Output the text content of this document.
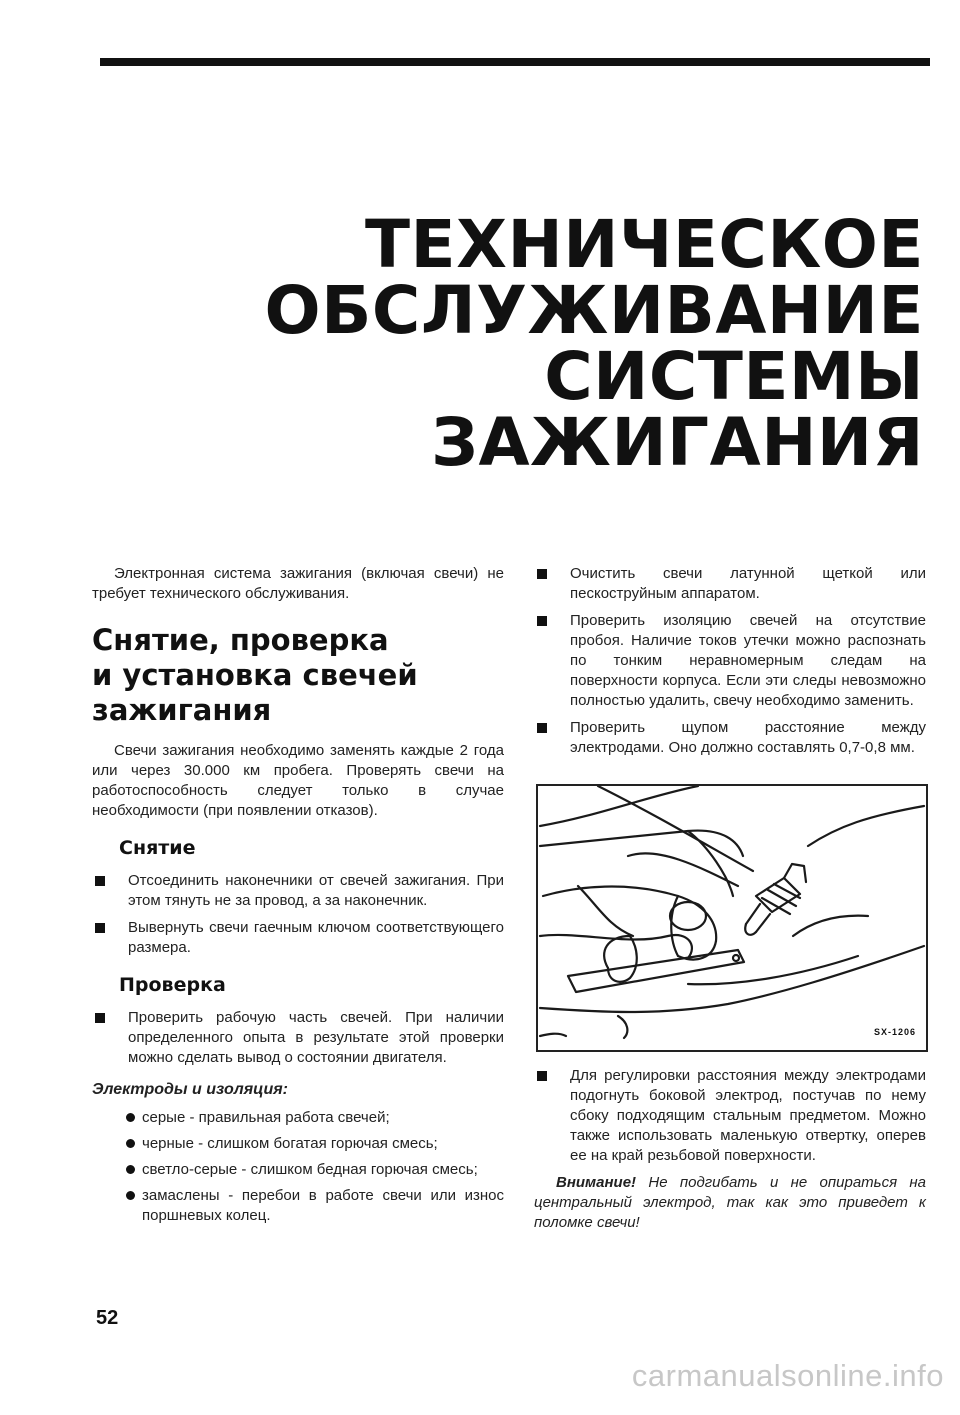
ТЕХНИЧЕСКОЕ
ОБСЛУЖИВАНИЕ
СИСТЕМЫ ЗАЖИГАНИЯ

Электронная система зажигания (включая свечи) не требует технического обслуживания.

Снятие, проверка
и установка свечей
зажигания

Свечи зажигания необходимо заменять каждые 2 года или через 30.000 км пробега. Проверять свечи на работоспособность следует только в случае необходимости (при появлении отказов).

Снятие

Отсоединить наконечники от свечей зажигания. При этом тянуть не за провод, а за наконечник.

Вывернуть свечи гаечным ключом соответствующего размера.

Проверка

Проверить рабочую часть свечей. При наличии определенного опыта в результате этой проверки можно сделать вывод о состоянии двигателя.

Электроды и изоляция:

серые - правильная работа свечей;

черные - слишком богатая горючая смесь;

светло-серые - слишком бедная горючая смесь;

замаслены - перебои в работе свечи или износ поршневых колец.

Очистить свечи латунной щеткой или пескоструйным аппаратом.

Проверить изоляцию свечей на отсутствие пробоя. Наличие токов утечки можно распознать по тонким неравномерным следам на поверхности корпуса. Если эти следы невозможно полностью удалить, свечу необходимо заменить.

Проверить щупом расстояние между электродами. Оно должно составлять 0,7-0,8 мм.

SX-1206

Для регулировки расстояния между электродами подогнуть боковой электрод, постучав по нему сбоку подходящим стальным предметом. Можно также использовать маленькую отвертку, оперев ее на край резьбовой поверхности.

Внимание! Не подгибать и не опираться на центральный электрод, так как это приведет к поломке свечи!

52
carmanualsonline.info
